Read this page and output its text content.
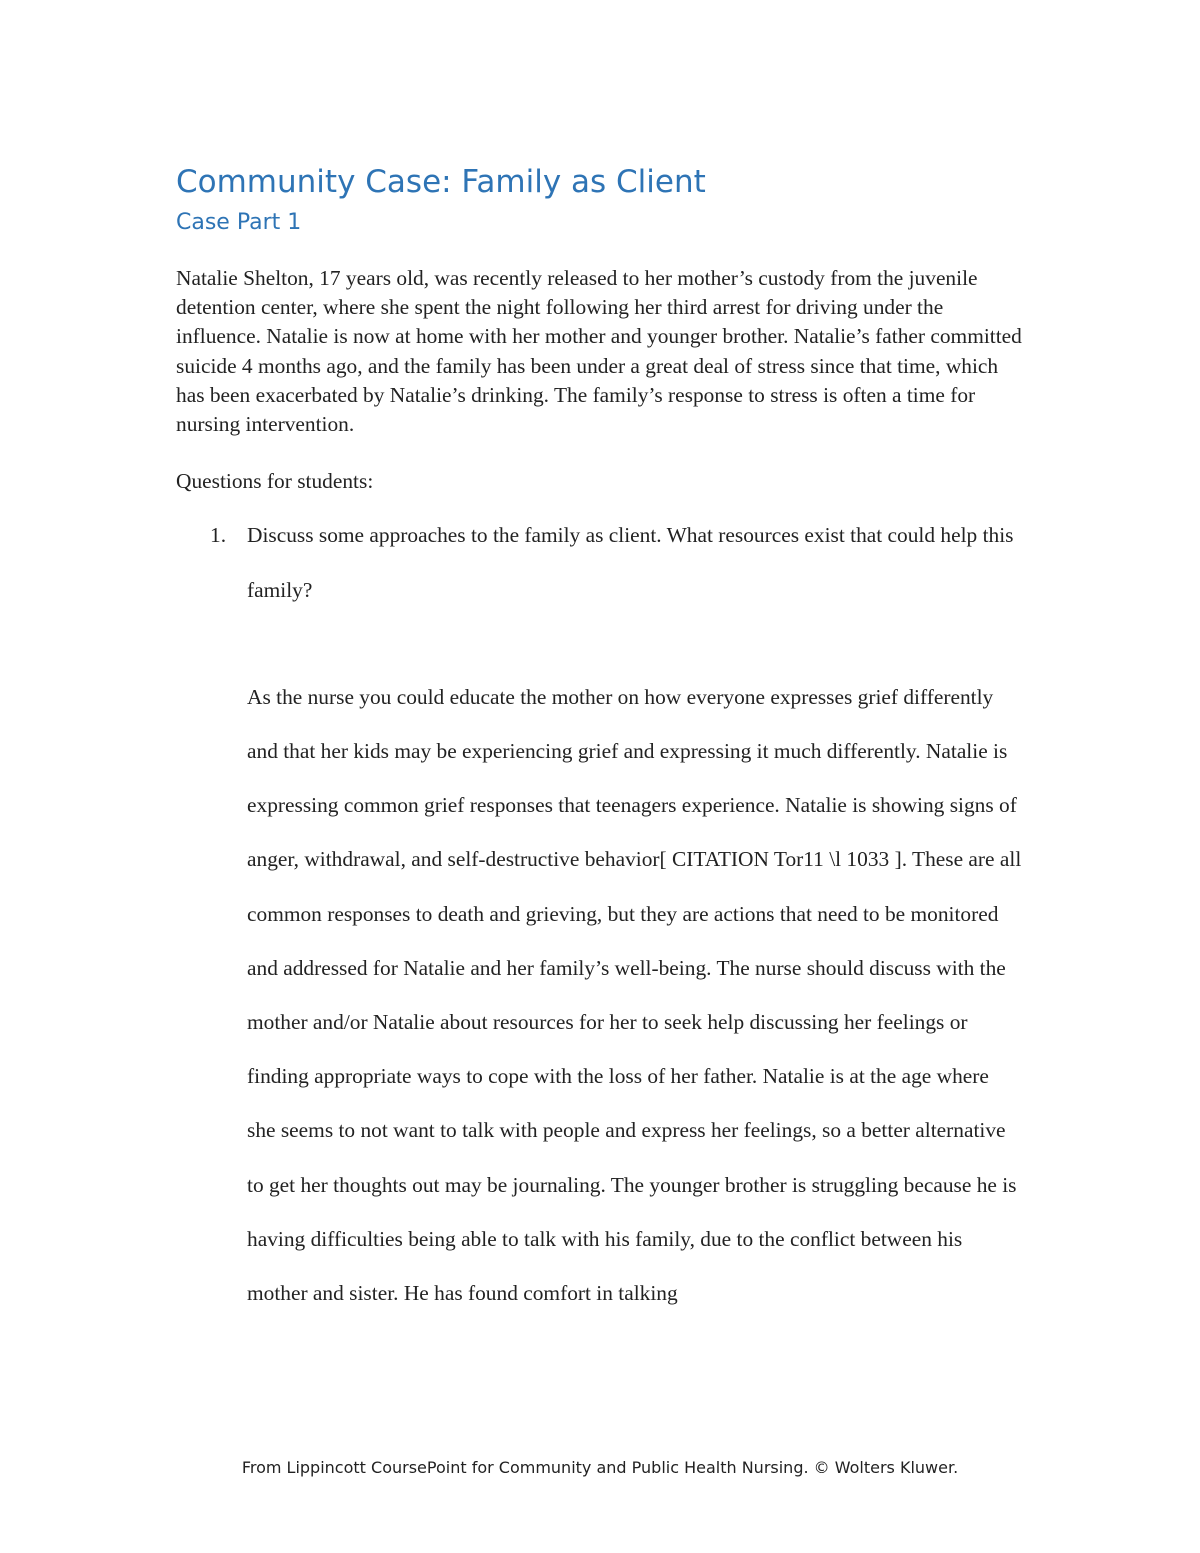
Community Case: Family as Client
Case Part 1

Natalie Shelton, 17 years old, was recently released to her mother’s custody from the juvenile detention center, where she spent the night following her third arrest for driving under the influence. Natalie is now at home with her mother and younger brother. Natalie’s father committed suicide 4 months ago, and the family has been under a great deal of stress since that time, which has been exacerbated by Natalie’s drinking. The family’s response to stress is often a time for nursing intervention.

Questions for students:

1. Discuss some approaches to the family as client. What resources exist that could help this family?

As the nurse you could educate the mother on how everyone expresses grief differently and that her kids may be experiencing grief and expressing it much differently. Natalie is expressing common grief responses that teenagers experience. Natalie is showing signs of anger, withdrawal, and self-destructive behavior[ CITATION Tor11 \l 1033 ]. These are all common responses to death and grieving, but they are actions that need to be monitored and addressed for Natalie and her family’s well-being. The nurse should discuss with the mother and/or Natalie about resources for her to seek help discussing her feelings or finding appropriate ways to cope with the loss of her father. Natalie is at the age where she seems to not want to talk with people and express her feelings, so a better alternative to get her thoughts out may be journaling. The younger brother is struggling because he is having difficulties being able to talk with his family, due to the conflict between his mother and sister. He has found comfort in talking

From Lippincott CoursePoint for Community and Public Health Nursing. © Wolters Kluwer.
